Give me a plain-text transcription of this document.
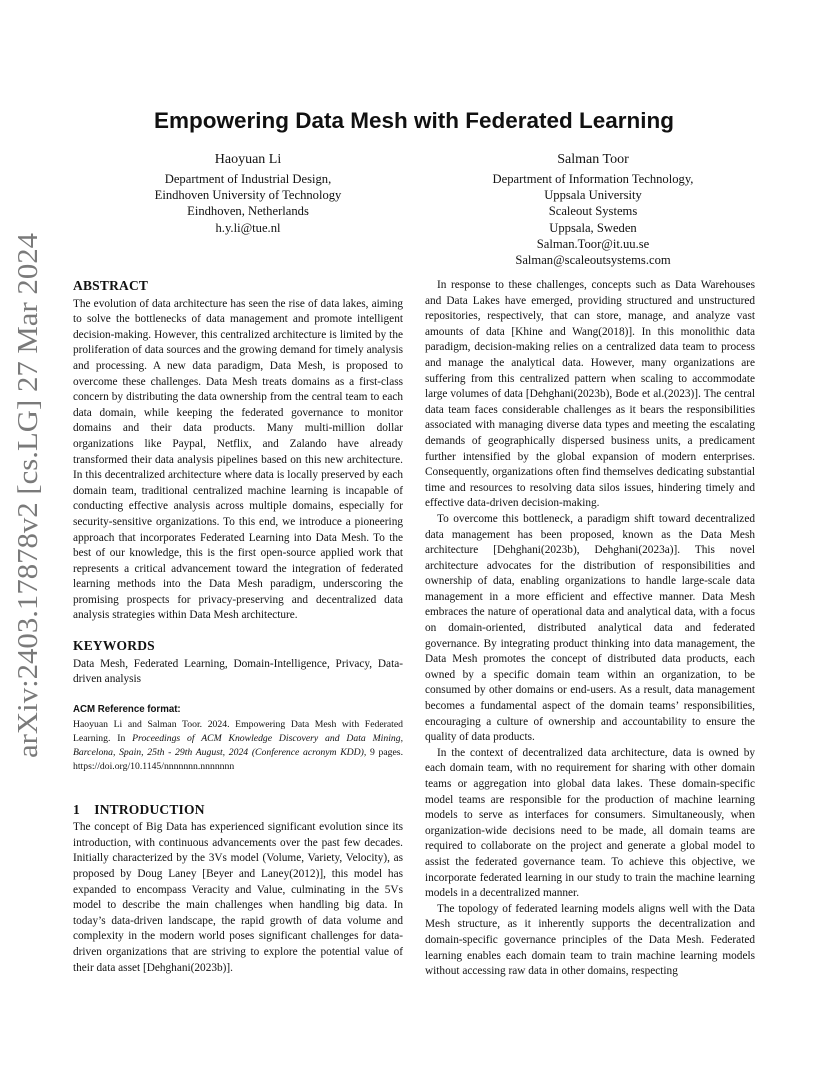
arXiv:2403.17878v2 [cs.LG] 27 Mar 2024
Empowering Data Mesh with Federated Learning
Haoyuan Li
Department of Industrial Design,
Eindhoven University of Technology
Eindhoven, Netherlands
h.y.li@tue.nl
Salman Toor
Department of Information Technology,
Uppsala University
Scaleout Systems
Uppsala, Sweden
Salman.Toor@it.uu.se
Salman@scaleoutsystems.com
ABSTRACT

The evolution of data architecture has seen the rise of data lakes, aiming to solve the bottlenecks of data management and promote intelligent decision-making. However, this centralized architecture is limited by the proliferation of data sources and the growing demand for timely analysis and processing. A new data paradigm, Data Mesh, is proposed to overcome these challenges. Data Mesh treats domains as a first-class concern by distributing the data ownership from the central team to each data domain, while keeping the federated governance to monitor domains and their data products. Many multi-million dollar organizations like Paypal, Netflix, and Zalando have already transformed their data analysis pipelines based on this new architecture. In this decentralized architecture where data is locally preserved by each domain team, traditional centralized machine learning is incapable of conducting effective analysis across multiple domains, especially for security-sensitive organizations. To this end, we introduce a pioneering approach that incorporates Federated Learning into Data Mesh. To the best of our knowledge, this is the first open-source applied work that represents a critical advancement toward the integration of federated learning methods into the Data Mesh paradigm, underscoring the promising prospects for privacy-preserving and decentralized data analysis strategies within Data Mesh architecture.

KEYWORDS

Data Mesh, Federated Learning, Domain-Intelligence, Privacy, Data-driven analysis

ACM Reference format:

Haoyuan Li and Salman Toor. 2024. Empowering Data Mesh with Federated Learning. In Proceedings of ACM Knowledge Discovery and Data Mining, Barcelona, Spain, 25th - 29th August, 2024 (Conference acronym KDD), 9 pages. https://doi.org/10.1145/nnnnnnn.nnnnnnn

1    INTRODUCTION

The concept of Big Data has experienced significant evolution since its introduction, with continuous advancements over the past few decades. Initially characterized by the 3Vs model (Volume, Variety, Velocity), as proposed by Doug Laney [Beyer and Laney(2012)], this model has expanded to encompass Veracity and Value, culminating in the 5Vs model to describe the main challenges when handling big data. In today’s data-driven landscape, the rapid growth of data volume and complexity in the modern world poses significant challenges for data-driven organizations that are striving to explore the potential value of their data asset [Dehghani(2023b)].

In response to these challenges, concepts such as Data Warehouses and Data Lakes have emerged, providing structured and unstructured repositories, respectively, that can store, manage, and analyze vast amounts of data [Khine and Wang(2018)]. In this monolithic data paradigm, decision-making relies on a centralized data team to process and manage the analytical data. However, many organizations are suffering from this centralized pattern when scaling to accommodate large volumes of data [Dehghani(2023b), Bode et al.(2023)]. The central data team faces considerable challenges as it bears the responsibilities associated with managing diverse data types and meeting the escalating demands of geographically dispersed business units, a predicament further intensified by the global expansion of modern enterprises. Consequently, organizations often find themselves dedicating substantial time and resources to resolving data silos issues, hindering timely and effective data-driven decision-making.

To overcome this bottleneck, a paradigm shift toward decentralized data management has been proposed, known as the Data Mesh architecture [Dehghani(2023b), Dehghani(2023a)]. This novel architecture advocates for the distribution of responsibilities and ownership of data, enabling organizations to handle large-scale data management in a more efficient and effective manner. Data Mesh embraces the nature of operational data and analytical data, with a focus on domain-oriented, distributed analytical data and federated governance. By integrating product thinking into data management, the Data Mesh promotes the concept of distributed data products, each owned by a specific domain team within an organization, to be consumed by other domains or end-users. As a result, data management becomes a fundamental aspect of the domain teams’ responsibilities, encouraging a culture of ownership and accountability to ensure the quality of data products.

In the context of decentralized data architecture, data is owned by each domain team, with no requirement for sharing with other domain teams or aggregation into global data lakes. These domain-specific model teams are responsible for the production of machine learning models to serve as interfaces for consumers. Simultaneously, when organization-wide decisions need to be made, all domain teams are required to collaborate on the project and generate a global model to assist the federated governance team. To achieve this objective, we incorporate federated learning in our study to train the machine learning models in a decentralized manner.

The topology of federated learning models aligns well with the Data Mesh structure, as it inherently supports the decentralization and domain-specific governance principles of the Data Mesh. Federated learning enables each domain team to train machine learning models without accessing raw data in other domains, respecting
